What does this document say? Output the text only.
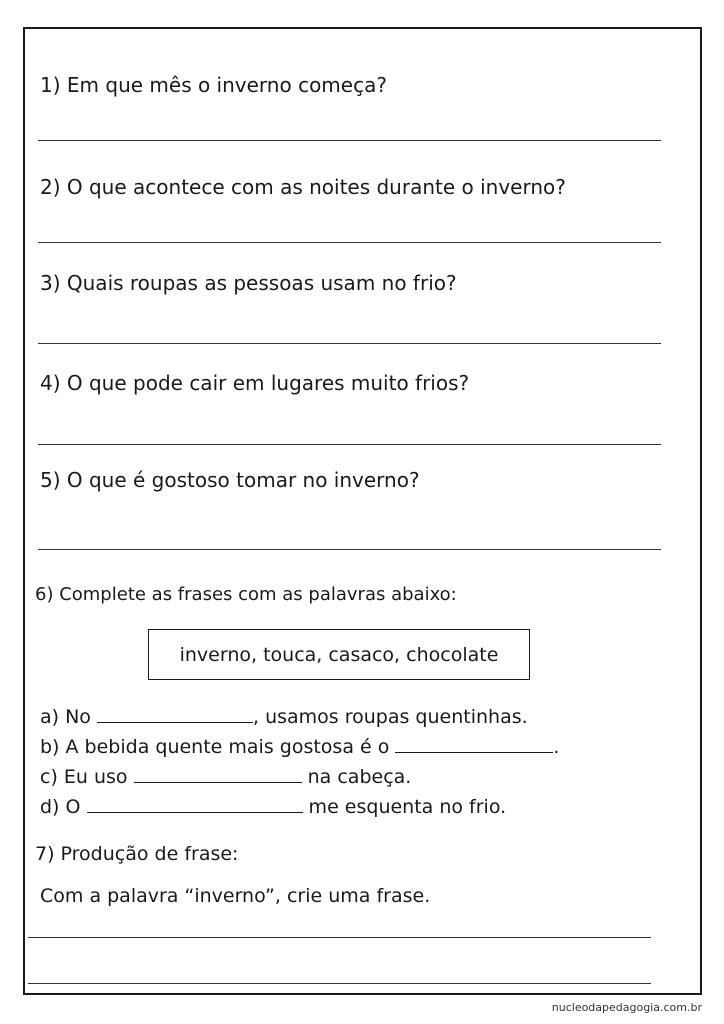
1) Em que mês o inverno começa?
2) O que acontece com as noites durante o inverno?
3) Quais roupas as pessoas usam no frio?
4) O que pode cair em lugares muito frios?
5) O que é gostoso tomar no inverno?
6) Complete as frases com as palavras abaixo:
inverno, touca, casaco, chocolate
a) No	, usamos roupas quentinhas.
b) A bebida quente mais gostosa é o	.
c) Eu uso	na cabeça.
d) O	me esquenta no frio.
7) Produção de frase:
Com a palavra “inverno”, crie uma frase.
nucleodapedagogia.com.br
